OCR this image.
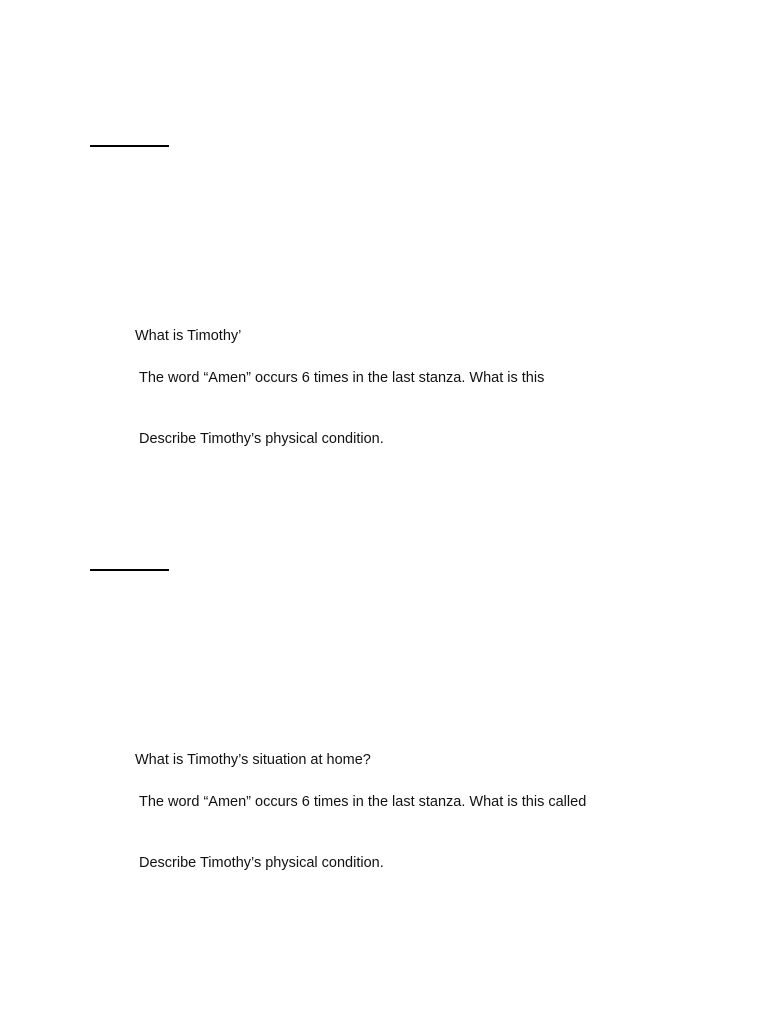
What is Timothy’
The word “Amen” occurs 6 times in the last stanza. What is this
Describe Timothy’s physical condition.
What is Timothy’s situation at home?
The word “Amen” occurs 6 times in the last stanza. What is this called
Describe Timothy’s physical condition.
